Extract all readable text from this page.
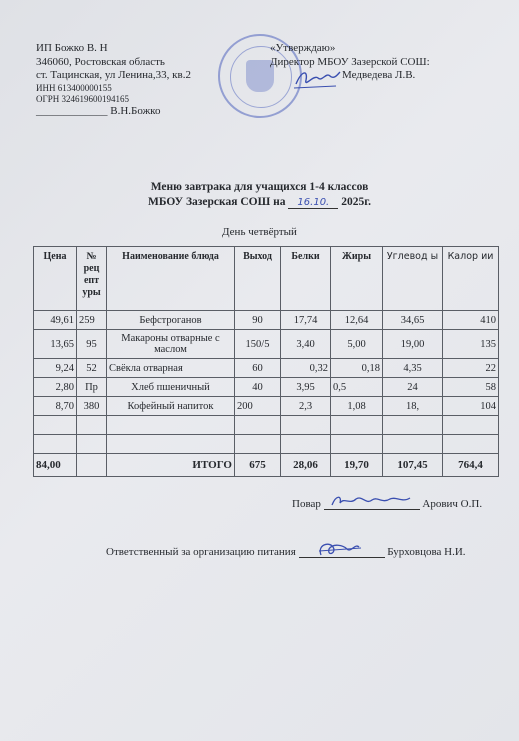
ИП Божко В. Н
346060, Ростовская область
ст. Тацинская, ул Ленина,33, кв.2
ИНН 613400000155
ОГРН 324619600194165
_____________ В.Н.Божко
«Утверждаю»
Директор МБОУ Зазерской СОШ:
Медведева Л.В.
Меню завтрака для учащихся 1-4 классов
МБОУ Зазерская СОШ на 16.10. 2025г.
День четвёртый
Цена	№ рец епт уры	Наименование блюда	Выход	Белки	Жиры	Углевод ы	Калор ии
49,61	259	Бефстроганов	90	17,74	12,64	34,65	410
13,65	95	Макароны отварные с маслом	150/5	3,40	5,00	19,00	135
9,24	52	Свёкла отварная	60	0,32	0,18	4,35	22
2,80	Пр	Хлеб пшеничный	40	3,95	0,5	24	58
8,70	380	Кофейный напиток	200	2,3	1,08	18,	104

84,00		ИТОГО	675	28,06	19,70	107,45	764,4
Повар	Арович О.П.
Ответственный за организацию питания	Бурховцова Н.И.
